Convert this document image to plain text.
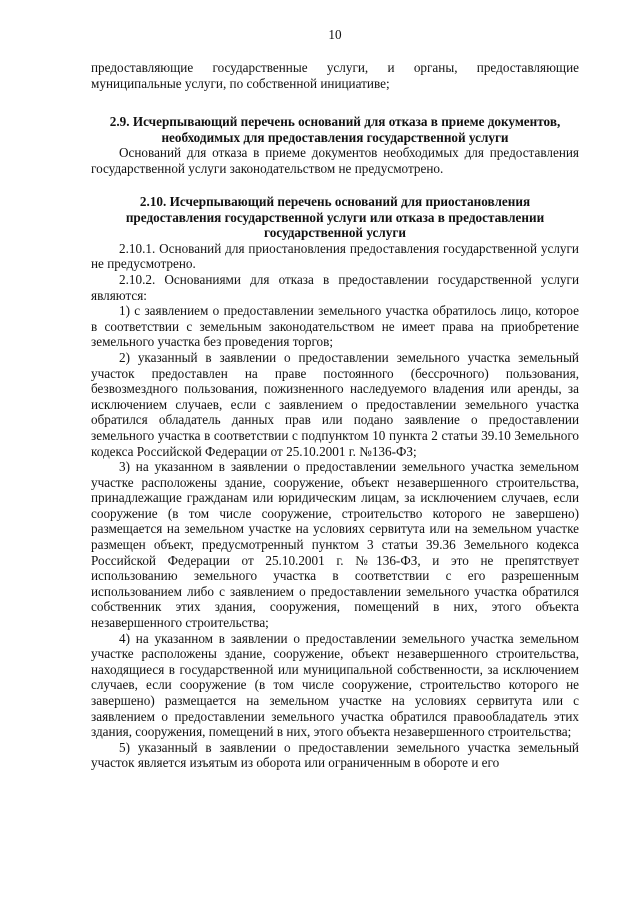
10

предоставляющие государственные услуги, и органы, предоставляющие муниципальные услуги, по собственной инициативе;

2.9. Исчерпывающий перечень оснований для отказа в приеме документов,

необходимых для предоставления государственной услуги

Оснований для отказа в приеме документов необходимых для предоставления государственной услуги законодательством не предусмотрено.

2.10. Исчерпывающий перечень оснований для приостановления предоставления государственной услуги или отказа в предоставлении государственной услуги

2.10.1. Оснований для приостановления предоставления государственной услуги не предусмотрено.

2.10.2. Основаниями для отказа в предоставлении государственной услуги являются:

1) с заявлением о предоставлении земельного участка обратилось лицо, которое в соответствии с земельным законодательством не имеет права на приобретение земельного участка без проведения торгов;

2) указанный в заявлении о предоставлении земельного участка земельный участок предоставлен на праве постоянного (бессрочного) пользования, безвозмездного пользования, пожизненного наследуемого владения или аренды, за исключением случаев, если с заявлением о предоставлении земельного участка обратился обладатель данных прав или подано заявление о предоставлении земельного участка в соответствии с подпунктом 10 пункта 2 статьи 39.10 Земельного кодекса Российской Федерации от 25.10.2001 г. №136-ФЗ;

3) на указанном в заявлении о предоставлении земельного участка земельном участке расположены здание, сооружение, объект незавершенного строительства, принадлежащие гражданам или юридическим лицам, за исключением случаев, если сооружение (в том числе сооружение, строительство которого не завершено) размещается на земельном участке на условиях сервитута или на земельном участке размещен объект, предусмотренный пунктом 3 статьи 39.36 Земельного кодекса Российской Федерации от 25.10.2001 г. №136-ФЗ, и это не препятствует использованию земельного участка в соответствии с его разрешенным использованием либо с заявлением о предоставлении земельного участка обратился собственник этих здания, сооружения, помещений в них, этого объекта незавершенного строительства;

4) на указанном в заявлении о предоставлении земельного участка земельном участке расположены здание, сооружение, объект незавершенного строительства, находящиеся в государственной или муниципальной собственности, за исключением случаев, если сооружение (в том числе сооружение, строительство которого не завершено) размещается на земельном участке на условиях сервитута или с заявлением о предоставлении земельного участка обратился правообладатель этих здания, сооружения, помещений в них, этого объекта незавершенного строительства;

5) указанный в заявлении о предоставлении земельного участка земельный участок является изъятым из оборота или ограниченным в обороте и его
